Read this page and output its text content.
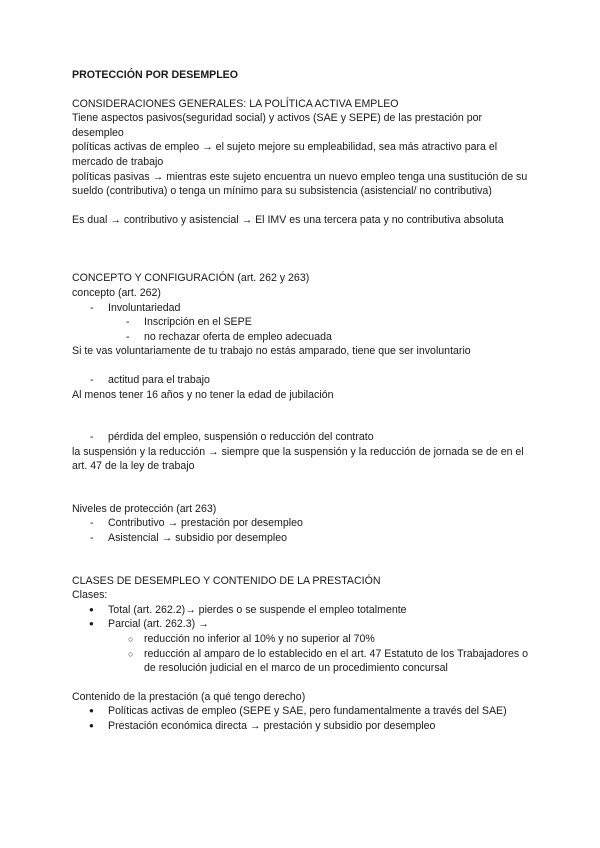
PROTECCIÓN POR DESEMPLEO

CONSIDERACIONES GENERALES: LA POLÍTICA ACTIVA EMPLEO

Tiene aspectos pasivos(seguridad social) y activos (SAE y SEPE) de las prestación por desempleo

políticas activas de empleo → el sujeto mejore su empleabilidad, sea más atractivo para el mercado de trabajo

políticas pasivas → mientras este sujeto encuentra un nuevo empleo tenga una sustitución de su sueldo (contributiva) o tenga un mínimo para su subsistencia (asistencial/ no contributiva)

Es dual → contributivo y asistencial → El IMV es una tercera pata y no contributiva absoluta

CONCEPTO Y CONFIGURACIÓN (art. 262 y 263)

concepto (art. 262)

- Involuntariedad
- Inscripción en el SEPE
- no rechazar oferta de empleo adecuada

Si te vas voluntariamente de tu trabajo no estás amparado, tiene que ser involuntario

- actitud para el trabajo

Al menos tener 16 años y no tener la edad de jubilación

- pérdida del empleo, suspensión o reducción del contrato

la suspensión y la reducción → siempre que la suspensión y la reducción de jornada se de en el art. 47 de la ley de trabajo

Niveles de protección (art 263)

- Contributivo → prestación por desempleo
- Asistencial → subsidio por desempleo

CLASES DE DESEMPLEO Y CONTENIDO DE LA PRESTACIÓN

Clases:

● Total (art. 262.2)→ pierdes o se suspende el empleo totalmente
● Parcial (art. 262.3) →
○ reducción no inferior al 10% y no superior al 70%
○ reducción al amparo de lo establecido en el art. 47 Estatuto de los Trabajadores o de resolución judicial en el marco de un procedimiento concursal

Contenido de la prestación (a qué tengo derecho)

● Políticas activas de empleo (SEPE y SAE, pero fundamentalmente a través del SAE)
● Prestación económica directa → prestación y subsidio por desempleo
